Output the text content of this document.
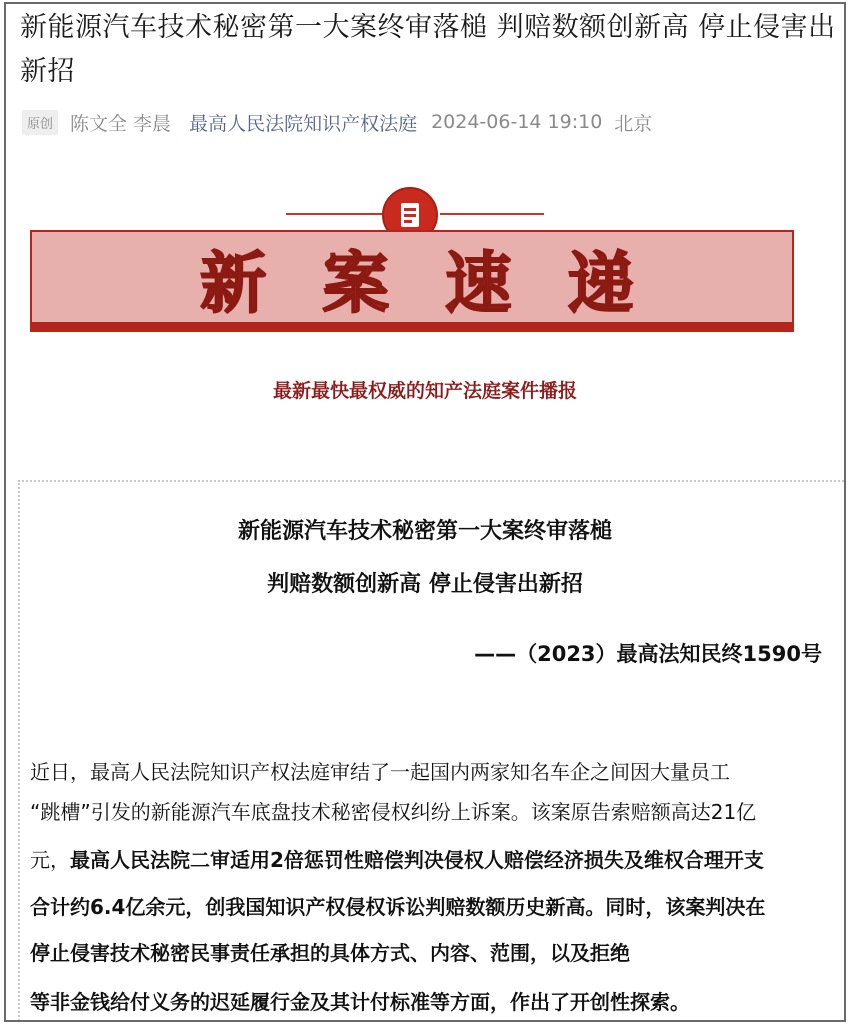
新能源汽车技术秘密第一大案终审落槌 判赔数额创新高 停止侵害出新招
原创 陈文全 李晨 最高人民法院知识产权法庭 2024-06-14 19:10 北京
新 案 速 递
最新最快最权威的知产法庭案件播报
新能源汽车技术秘密第一大案终审落槌
判赔数额创新高 停止侵害出新招
——（2023）最高法知民终1590号
近日，最高人民法院知识产权法庭审结了一起国内两家知名车企之间因大量员工
“跳槽”引发的新能源汽车底盘技术秘密侵权纠纷上诉案。该案原告索赔额高达21亿
元，最高人民法院二审适用2倍惩罚性赔偿判决侵权人赔偿经济损失及维权合理开支
合计约6.4亿余元，创我国知识产权侵权诉讼判赔数额历史新高。同时，该案判决在
停止侵害技术秘密民事责任承担的具体方式、内容、范围，以及拒绝
等非金钱给付义务的迟延履行金及其计付标准等方面，作出了开创性探索。
